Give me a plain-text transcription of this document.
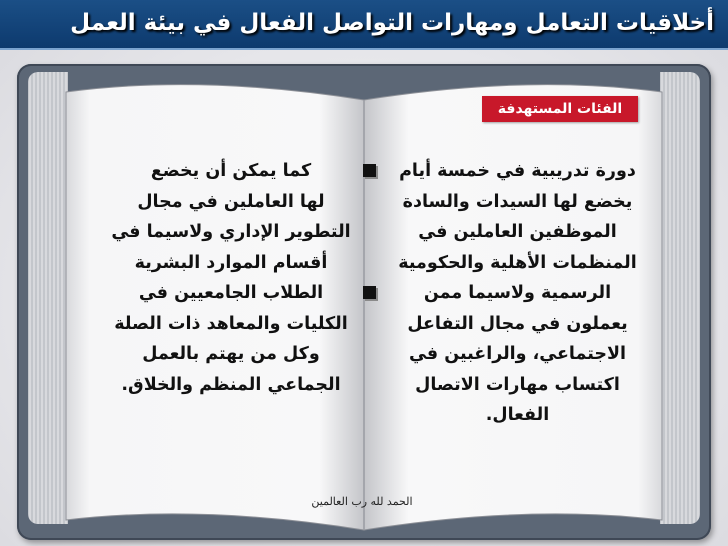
أخلاقيات التعامل ومهارات التواصل الفعال في بيئة العمل
الفئات المستهدفة
دورة تدريبية في خمسة أيام
يخضع لها السيدات والسادة
الموظفين العاملين في
المنظمات الأهلية والحكومية
الرسمية ولاسيما ممن
يعملون في مجال التفاعل
الاجتماعي، والراغبين في
اكتساب مهارات الاتصال
الفعال.
كما يمكن أن يخضع
لها العاملين في مجال
التطوير الإداري ولاسيما في
أقسام الموارد البشرية
الطلاب الجامعيين في
الكليات والمعاهد ذات الصلة
وكل من يهتم بالعمل
الجماعي المنظم والخلاق.
الحمد لله رب العالمين
